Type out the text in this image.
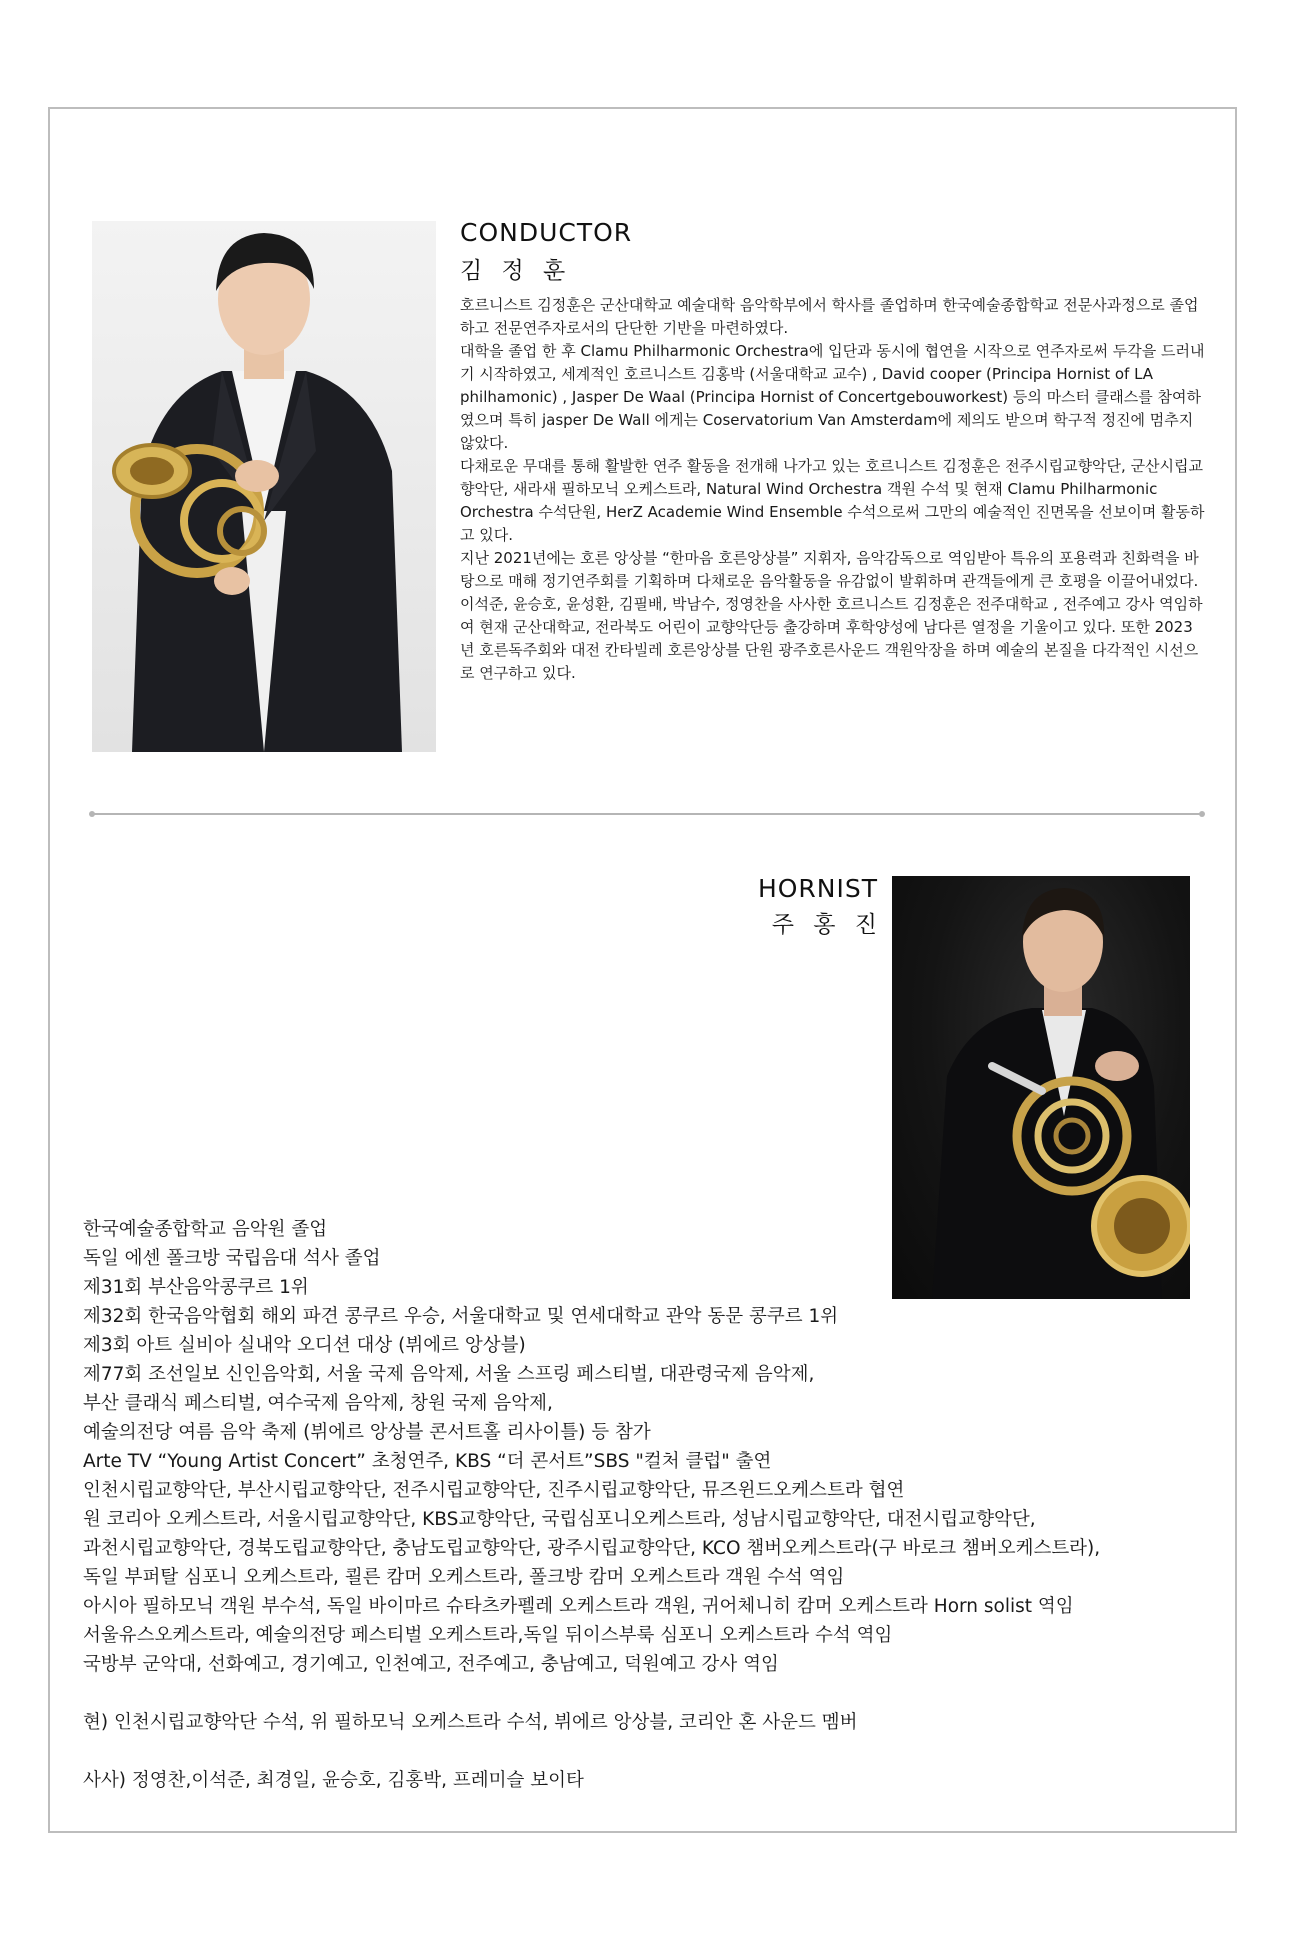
CONDUCTOR
김 정 훈

호르니스트 김정훈은 군산대학교 예술대학 음악학부에서 학사를 졸업하며 한국예술종합학교 전문사과정으로 졸업하고 전문연주자로서의 단단한 기반을 마련하였다.

대학을 졸업 한 후 Clamu Philharmonic Orchestra에 입단과 동시에 협연을 시작으로 연주자로써 두각을 드러내기 시작하였고, 세계적인 호르니스트 김홍박 (서울대학교 교수) , David cooper (Principa Hornist of LA philhamonic) , Jasper De Waal (Principa Hornist of Concertgebouworkest) 등의 마스터 클래스를 참여하였으며 특히 jasper De Wall 에게는 Coservatorium Van Amsterdam에 제의도 받으며 학구적 정진에 멈추지 않았다.

다채로운 무대를 통해 활발한 연주 활동을 전개해 나가고 있는 호르니스트 김정훈은 전주시립교향악단, 군산시립교향악단, 새라새 필하모닉 오케스트라, Natural Wind Orchestra 객원 수석 및 현재 Clamu Philharmonic Orchestra 수석단원, HerZ Academie Wind Ensemble 수석으로써 그만의 예술적인 진면목을 선보이며 활동하고 있다.

지난 2021년에는 호른 앙상블 “한마음 호른앙상블” 지휘자, 음악감독으로 역임받아 특유의 포용력과 친화력을 바탕으로 매해 정기연주회를 기획하며 다채로운 음악활동을 유감없이 발휘하며 관객들에게 큰 호평을 이끌어내었다.

이석준, 윤승호, 윤성환, 김필배, 박남수, 정영찬을 사사한 호르니스트 김정훈은 전주대학교 , 전주예고 강사 역임하여 현재 군산대학교, 전라북도 어린이 교향악단등 출강하며 후학양성에 남다른 열정을 기울이고 있다. 또한 2023년 호른독주회와 대전 칸타빌레 호른앙상블 단원 광주호른사운드 객원악장을 하며 예술의 본질을 다각적인 시선으로 연구하고 있다.

HORNIST
주 홍 진
한국예술종합학교 음악원 졸업
독일 에센 폴크방 국립음대 석사 졸업
제31회 부산음악콩쿠르 1위
제32회 한국음악협회 해외 파견 콩쿠르 우승, 서울대학교 및 연세대학교 관악 동문 콩쿠르 1위
제3회 아트 실비아 실내악 오디션 대상 (뷔에르 앙상블)
제77회 조선일보 신인음악회, 서울 국제 음악제, 서울 스프링 페스티벌, 대관령국제 음악제,
부산 클래식 페스티벌, 여수국제 음악제, 창원 국제 음악제,
예술의전당 여름 음악 축제 (뷔에르 앙상블 콘서트홀 리사이틀) 등 참가
Arte TV “Young Artist Concert” 초청연주, KBS “더 콘서트”SBS "컬처 클럽" 출연
인천시립교향악단, 부산시립교향악단, 전주시립교향악단, 진주시립교향악단, 뮤즈윈드오케스트라 협연
원 코리아 오케스트라, 서울시립교향악단, KBS교향악단, 국립심포니오케스트라, 성남시립교향악단, 대전시립교향악단,
과천시립교향악단, 경북도립교향악단, 충남도립교향악단, 광주시립교향악단, KCO 챔버오케스트라(구 바로크 챔버오케스트라),
독일 부퍼탈 심포니 오케스트라, 쾰른 캄머 오케스트라, 폴크방 캄머 오케스트라 객원 수석 역임
아시아 필하모닉 객원 부수석, 독일 바이마르 슈타츠카펠레 오케스트라 객원, 귀어체니히 캄머 오케스트라 Horn solist 역임
서울유스오케스트라, 예술의전당 페스티벌 오케스트라,독일 뒤이스부룩 심포니 오케스트라 수석 역임
국방부 군악대, 선화예고, 경기예고, 인천예고, 전주예고, 충남예고, 덕원예고 강사 역임
현) 인천시립교향악단 수석, 위 필하모닉 오케스트라 수석, 뷔에르 앙상블, 코리안 혼 사운드 멤버
사사) 정영찬,이석준, 최경일, 윤승호, 김홍박, 프레미슬 보이타
